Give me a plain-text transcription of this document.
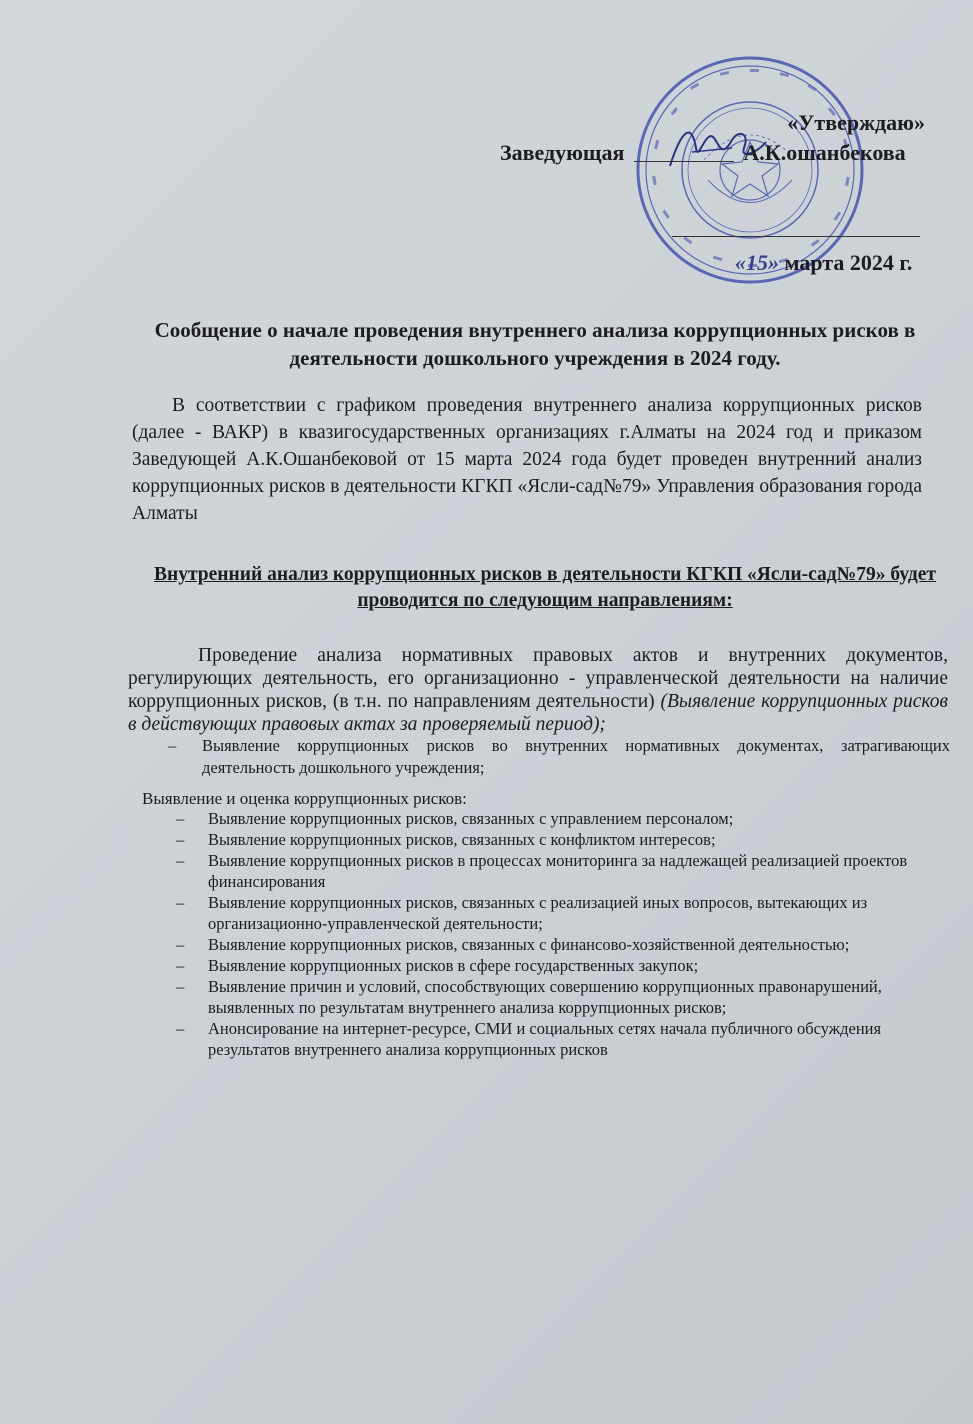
«Утверждаю»
Заведующая	А.К.ошанбекова
«15» марта 2024 г.
Сообщение о начале проведения внутреннего анализа коррупционных рисков в деятельности дошкольного учреждения в 2024 году.

В соответствии с графиком проведения внутреннего анализа коррупционных рисков (далее - ВАКР) в квазигосударственных организациях г.Алматы на 2024 год и приказом Заведующей А.К.Ошанбековой от 15 марта 2024 года будет проведен внутренний анализ коррупционных рисков в деятельности КГКП «Ясли-сад№79» Управления образования города Алматы

Внутренний анализ коррупционных рисков в деятельности КГКП «Ясли-сад№79» будет проводится по следующим направлениям:

Проведение анализа нормативных правовых актов и внутренних документов, регулирующих деятельность, его организационно - управленческой деятельности на наличие коррупционных рисков, (в т.н. по направлениям деятельности) (Выявление коррупционных рисков в действующих правовых актах за проверяемый период);

– Выявление коррупционных рисков во внутренних нормативных документах, затрагивающих деятельность дошкольного учреждения;

Выявление и оценка коррупционных рисков:

– Выявление коррупционных рисков, связанных с управлением персоналом;
– Выявление коррупционных рисков, связанных с конфликтом интересов;
– Выявление коррупционных рисков в процессах мониторинга за надлежащей реализацией проектов финансирования
– Выявление коррупционных рисков, связанных с реализацией иных вопросов, вытекающих из организационно-управленческой деятельности;
– Выявление коррупционных рисков, связанных с финансово-хозяйственной деятельностью;
– Выявление коррупционных рисков в сфере государственных закупок;
– Выявление причин и условий, способствующих совершению коррупционных правонарушений, выявленных по результатам внутреннего анализа коррупционных рисков;
– Анонсирование на интернет-ресурсе, СМИ и социальных сетях начала публичного обсуждения результатов внутреннего анализа коррупционных рисков
